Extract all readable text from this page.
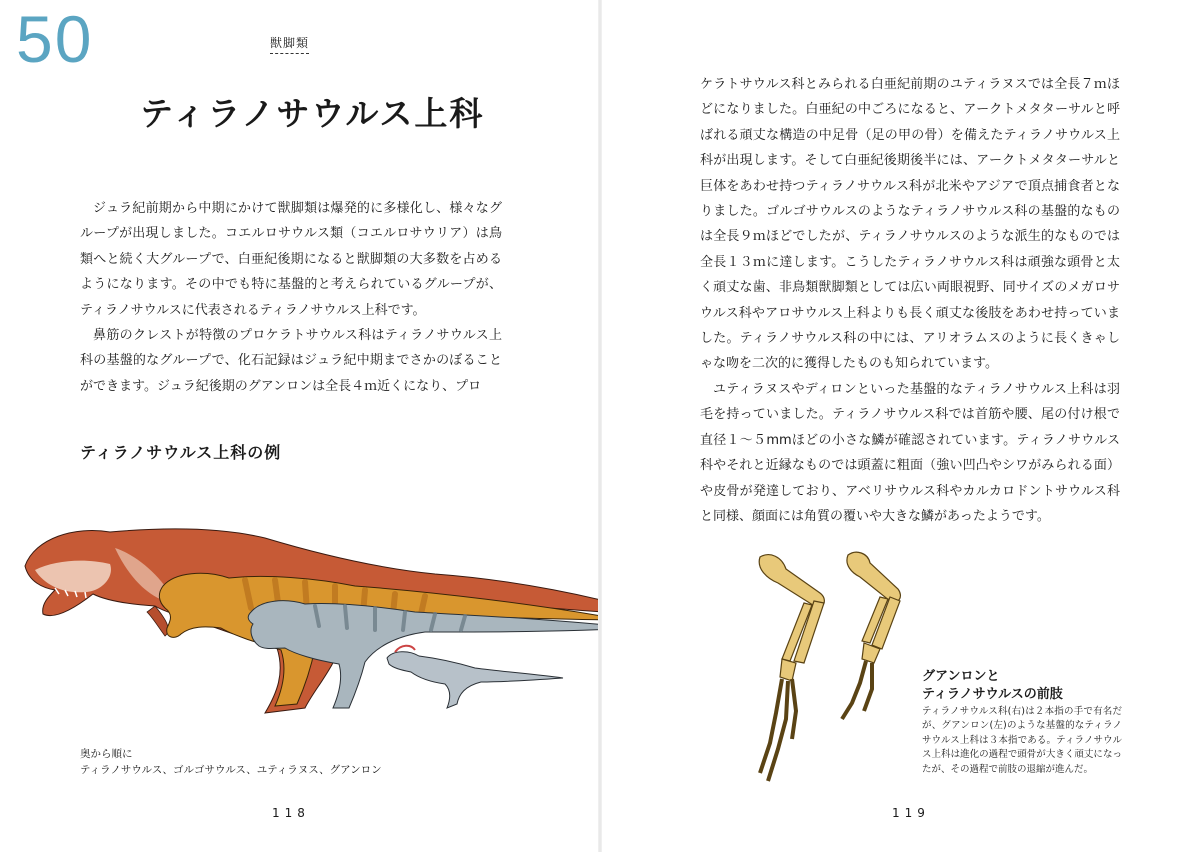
50	獣脚類
ティラノサウルス上科

ジュラ紀前期から中期にかけて獣脚類は爆発的に多様化し、様々なグループが出現しました。コエルロサウルス類（コエルロサウリア）は鳥類へと続く大グループで、白亜紀後期になると獣脚類の大多数を占めるようになります。その中でも特に基盤的と考えられているグループが、ティラノサウルスに代表されるティラノサウルス上科です。

鼻筋のクレストが特徴のプロケラトサウルス科はティラノサウルス上科の基盤的なグループで、化石記録はジュラ紀中期までさかのぼることができます。ジュラ紀後期のグアンロンは全長４ｍ近くになり、プロ

ティラノサウルス上科の例
奥から順に
ティラノサウルス、ゴルゴサウルス、ユティラヌス、グアンロン
118

ケラトサウルス科とみられる白亜紀前期のユティラヌスでは全長７ｍほどになりました。白亜紀の中ごろになると、アークトメタターサルと呼ばれる頑丈な構造の中足骨（足の甲の骨）を備えたティラノサウルス上科が出現します。そして白亜紀後期後半には、アークトメタターサルと巨体をあわせ持つティラノサウルス科が北米やアジアで頂点捕食者となりました。ゴルゴサウルスのようなティラノサウルス科の基盤的なものは全長９ｍほどでしたが、ティラノサウルスのような派生的なものでは全長１３ｍに達します。こうしたティラノサウルス科は頑強な頭骨と太く頑丈な歯、非鳥類獣脚類としては広い両眼視野、同サイズのメガロサウルス科やアロサウルス上科よりも長く頑丈な後肢をあわせ持っていました。ティラノサウルス科の中には、アリオラムスのように長くきゃしゃな吻を二次的に獲得したものも知られています。

ユティラヌスやディロンといった基盤的なティラノサウルス上科は羽毛を持っていました。ティラノサウルス科では首筋や腰、尾の付け根で直径１～５mmほどの小さな鱗が確認されています。ティラノサウルス科やそれと近縁なものでは頭蓋に粗面（強い凹凸やシワがみられる面）や皮骨が発達しており、アベリサウルス科やカルカロドントサウルス科と同様、顔面には角質の覆いや大きな鱗があったようです。

グアンロンと
ティラノサウルスの前肢
ティラノサウルス科(右)は２本指の手で有名だが、グアンロン(左)のような基盤的なティラノサウルス上科は３本指である。ティラノサウルス上科は進化の過程で頭骨が大きく頑丈になったが、その過程で前肢の退縮が進んだ。
119
